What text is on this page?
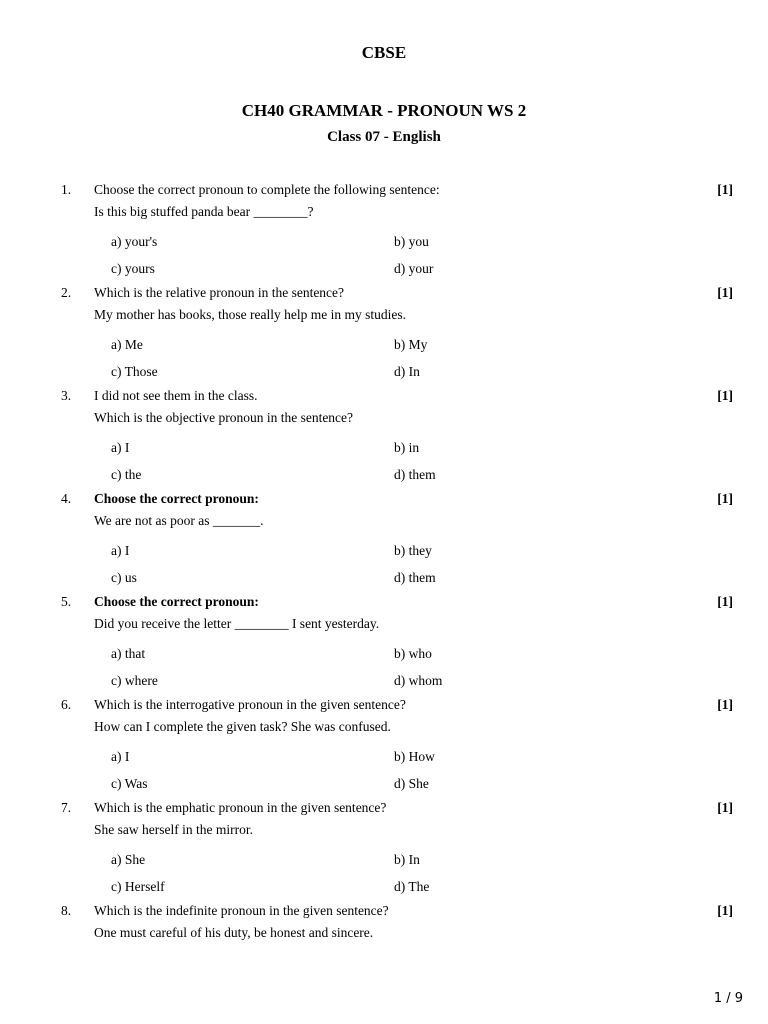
CBSE
CH40 GRAMMAR - PRONOUN WS 2
Class 07 - English
1. Choose the correct pronoun to complete the following sentence:	[1]
Is this big stuffed panda bear ________?
a) your's	b) you
c) yours	d) your
2. Which is the relative pronoun in the sentence?	[1]
My mother has books, those really help me in my studies.
a) Me	b) My
c) Those	d) In
3. I did not see them in the class.	[1]
Which is the objective pronoun in the sentence?
a) I	b) in
c) the	d) them
4. Choose the correct pronoun:	[1]
We are not as poor as _______.
a) I	b) they
c) us	d) them
5. Choose the correct pronoun:	[1]
Did you receive the letter ________ I sent yesterday.
a) that	b) who
c) where	d) whom
6. Which is the interrogative pronoun in the given sentence?	[1]
How can I complete the given task? She was confused.
a) I	b) How
c) Was	d) She
7. Which is the emphatic pronoun in the given sentence?	[1]
She saw herself in the mirror.
a) She	b) In
c) Herself	d) The
8. Which is the indefinite pronoun in the given sentence?	[1]
One must careful of his duty, be honest and sincere.
1 / 9
